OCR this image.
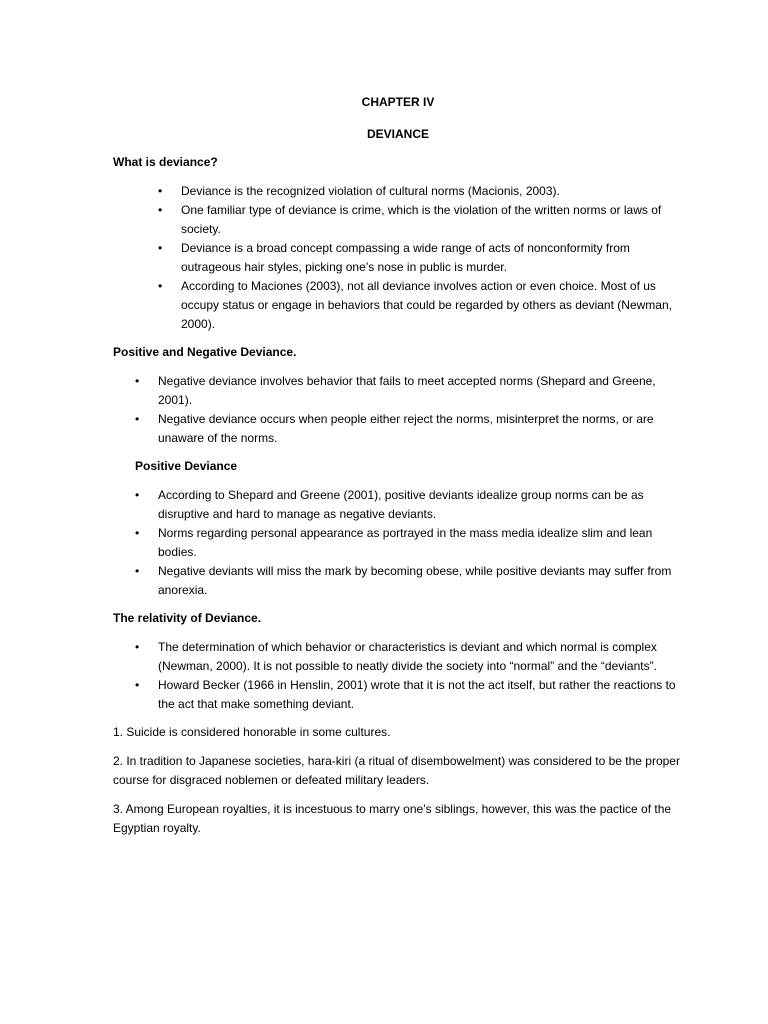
CHAPTER IV

DEVIANCE

What is deviance?

• Deviance is the recognized violation of cultural norms (Macionis, 2003).
• One familiar type of deviance is crime, which is the violation of the written norms or laws of society.
• Deviance is a broad concept compassing a wide range of acts of nonconformity from outrageous hair styles, picking one’s nose in public is murder.
• According to Maciones (2003), not all deviance involves action or even choice. Most of us occupy status or engage in behaviors that could be regarded by others as deviant (Newman, 2000).

Positive and Negative Deviance.

• Negative deviance involves behavior that fails to meet accepted norms (Shepard and Greene, 2001).
• Negative deviance occurs when people either reject the norms, misinterpret the norms, or are unaware of the norms.

Positive Deviance

• According to Shepard and Greene (2001), positive deviants idealize group norms can be as disruptive and hard to manage as negative deviants.
• Norms regarding personal appearance as portrayed in the mass media idealize slim and lean bodies.
• Negative deviants will miss the mark by becoming obese, while positive deviants may suffer from anorexia.

The relativity of Deviance.

• The determination of which behavior or characteristics is deviant and which normal is complex (Newman, 2000). It is not possible to neatly divide the society into “normal” and the “deviants”.
• Howard Becker (1966 in Henslin, 2001) wrote that it is not the act itself, but rather the reactions to the act that make something deviant.

1. Suicide is considered honorable in some cultures.

2. In tradition to Japanese societies, hara-kiri (a ritual of disembowelment) was considered to be the proper course for disgraced noblemen or defeated military leaders.

3. Among European royalties, it is incestuous to marry one’s siblings, however, this was the pactice of the Egyptian royalty.
